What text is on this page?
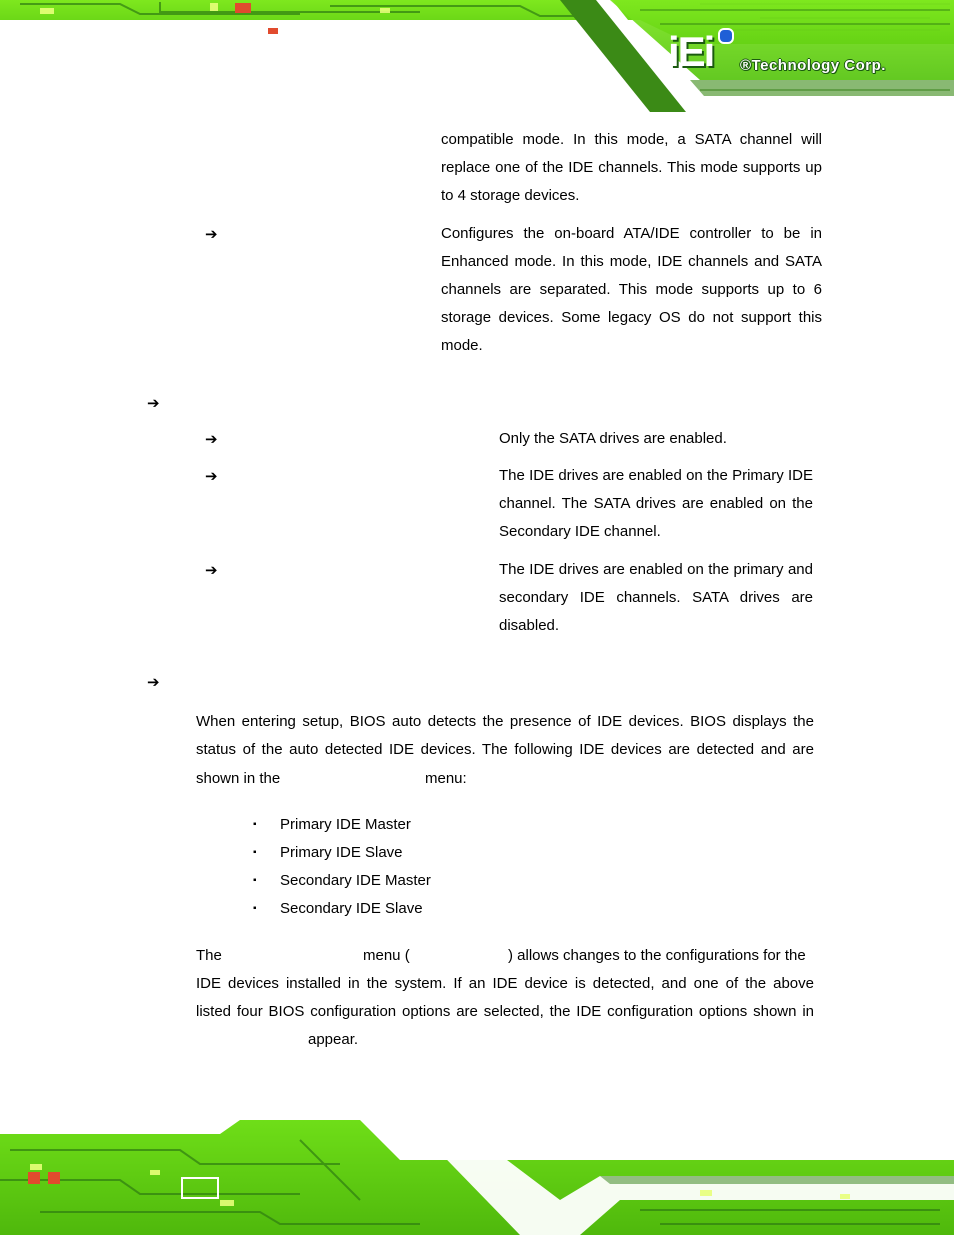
iEi ®Technology Corp.
compatible mode. In this mode, a SATA channel will replace one of the IDE channels. This mode supports up to 4 storage devices.
➔	Configures the on-board ATA/IDE controller to be in Enhanced mode. In this mode, IDE channels and SATA channels are separated. This mode supports up to 6 storage devices. Some legacy OS do not support this mode.
➔
➔	Only the SATA drives are enabled.
➔	The IDE drives are enabled on the Primary IDE channel. The SATA drives are enabled on the Secondary IDE channel.
➔	The IDE drives are enabled on the primary and secondary IDE channels. SATA drives are disabled.
➔
When entering setup, BIOS auto detects the presence of IDE devices. BIOS displays the
status of the auto detected IDE devices. The following IDE devices are detected and are
shown in the	menu:
▪ Primary IDE Master
▪ Primary IDE Slave
▪ Secondary IDE Master
▪ Secondary IDE Slave
The	menu (	) allows changes to the configurations for the
IDE devices installed in the system. If an IDE device is detected, and one of the above
listed four BIOS configuration options are selected, the IDE configuration options shown in
appear.
